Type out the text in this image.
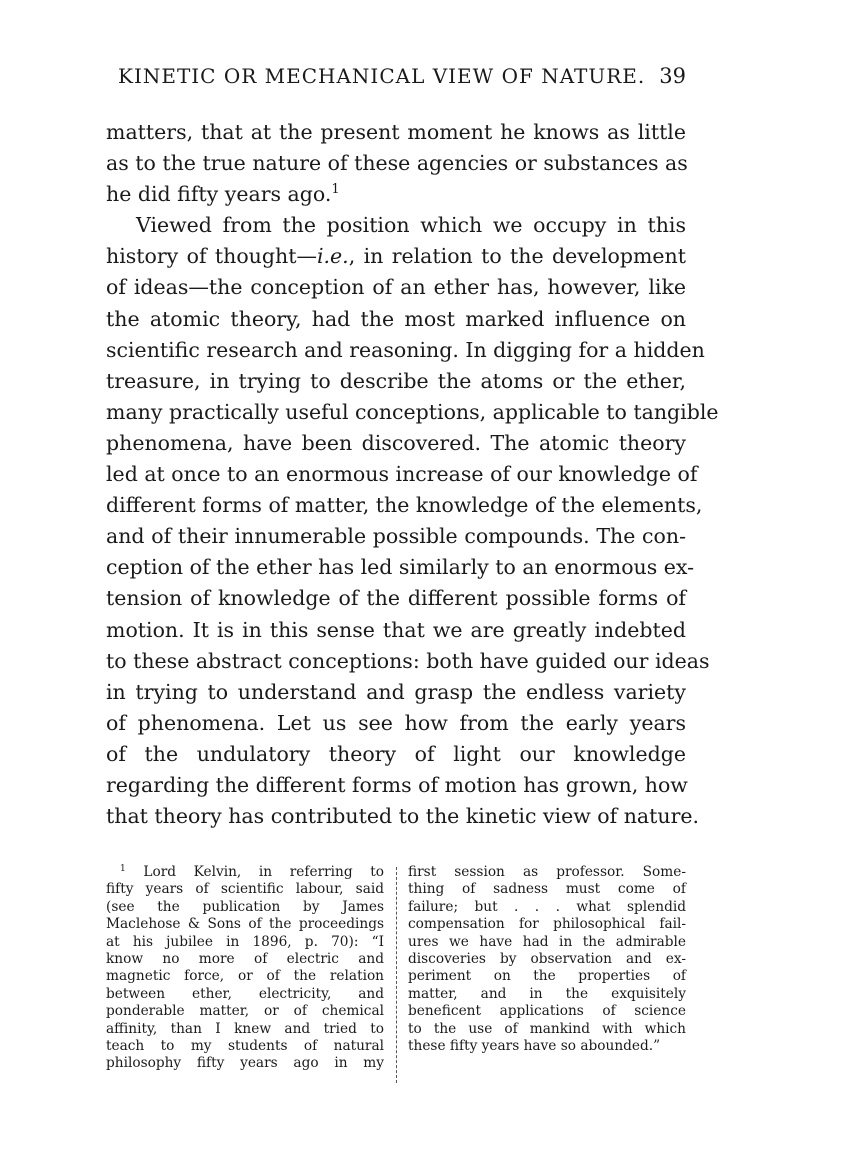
KINETIC OR MECHANICAL VIEW OF NATURE. 39
matters, that at the present moment he knows as little
as to the true nature of these agencies or substances as
he did fifty years ago.$^1$
Viewed from the position which we occupy in this
history of thought—i.e., in relation to the development
of ideas—the conception of an ether has, however, like
the atomic theory, had the most marked influence on
scientific research and reasoning. In digging for a hidden
treasure, in trying to describe the atoms or the ether,
many practically useful conceptions, applicable to tangible
phenomena, have been discovered. The atomic theory
led at once to an enormous increase of our knowledge of
different forms of matter, the knowledge of the elements,
and of their innumerable possible compounds. The con-
ception of the ether has led similarly to an enormous ex-
tension of knowledge of the different possible forms of
motion. It is in this sense that we are greatly indebted
to these abstract conceptions: both have guided our ideas
in trying to understand and grasp the endless variety
of phenomena. Let us see how from the early years
of the undulatory theory of light our knowledge
regarding the different forms of motion has grown, how
that theory has contributed to the kinetic view of nature.
$^1$ Lord Kelvin, in referring to
fifty years of scientific labour, said
(see the publication by James
Maclehose & Sons of the proceedings
at his jubilee in 1896, p. 70): “I
know no more of electric and
magnetic force, or of the relation
between ether, electricity, and
ponderable matter, or of chemical
affinity, than I knew and tried to
teach to my students of natural
philosophy fifty years ago in my
first session as professor. Some-
thing of sadness must come of
failure; but . . . what splendid
compensation for philosophical fail-
ures we have had in the admirable
discoveries by observation and ex-
periment on the properties of
matter, and in the exquisitely
beneficent applications of science
to the use of mankind with which
these fifty years have so abounded.”
